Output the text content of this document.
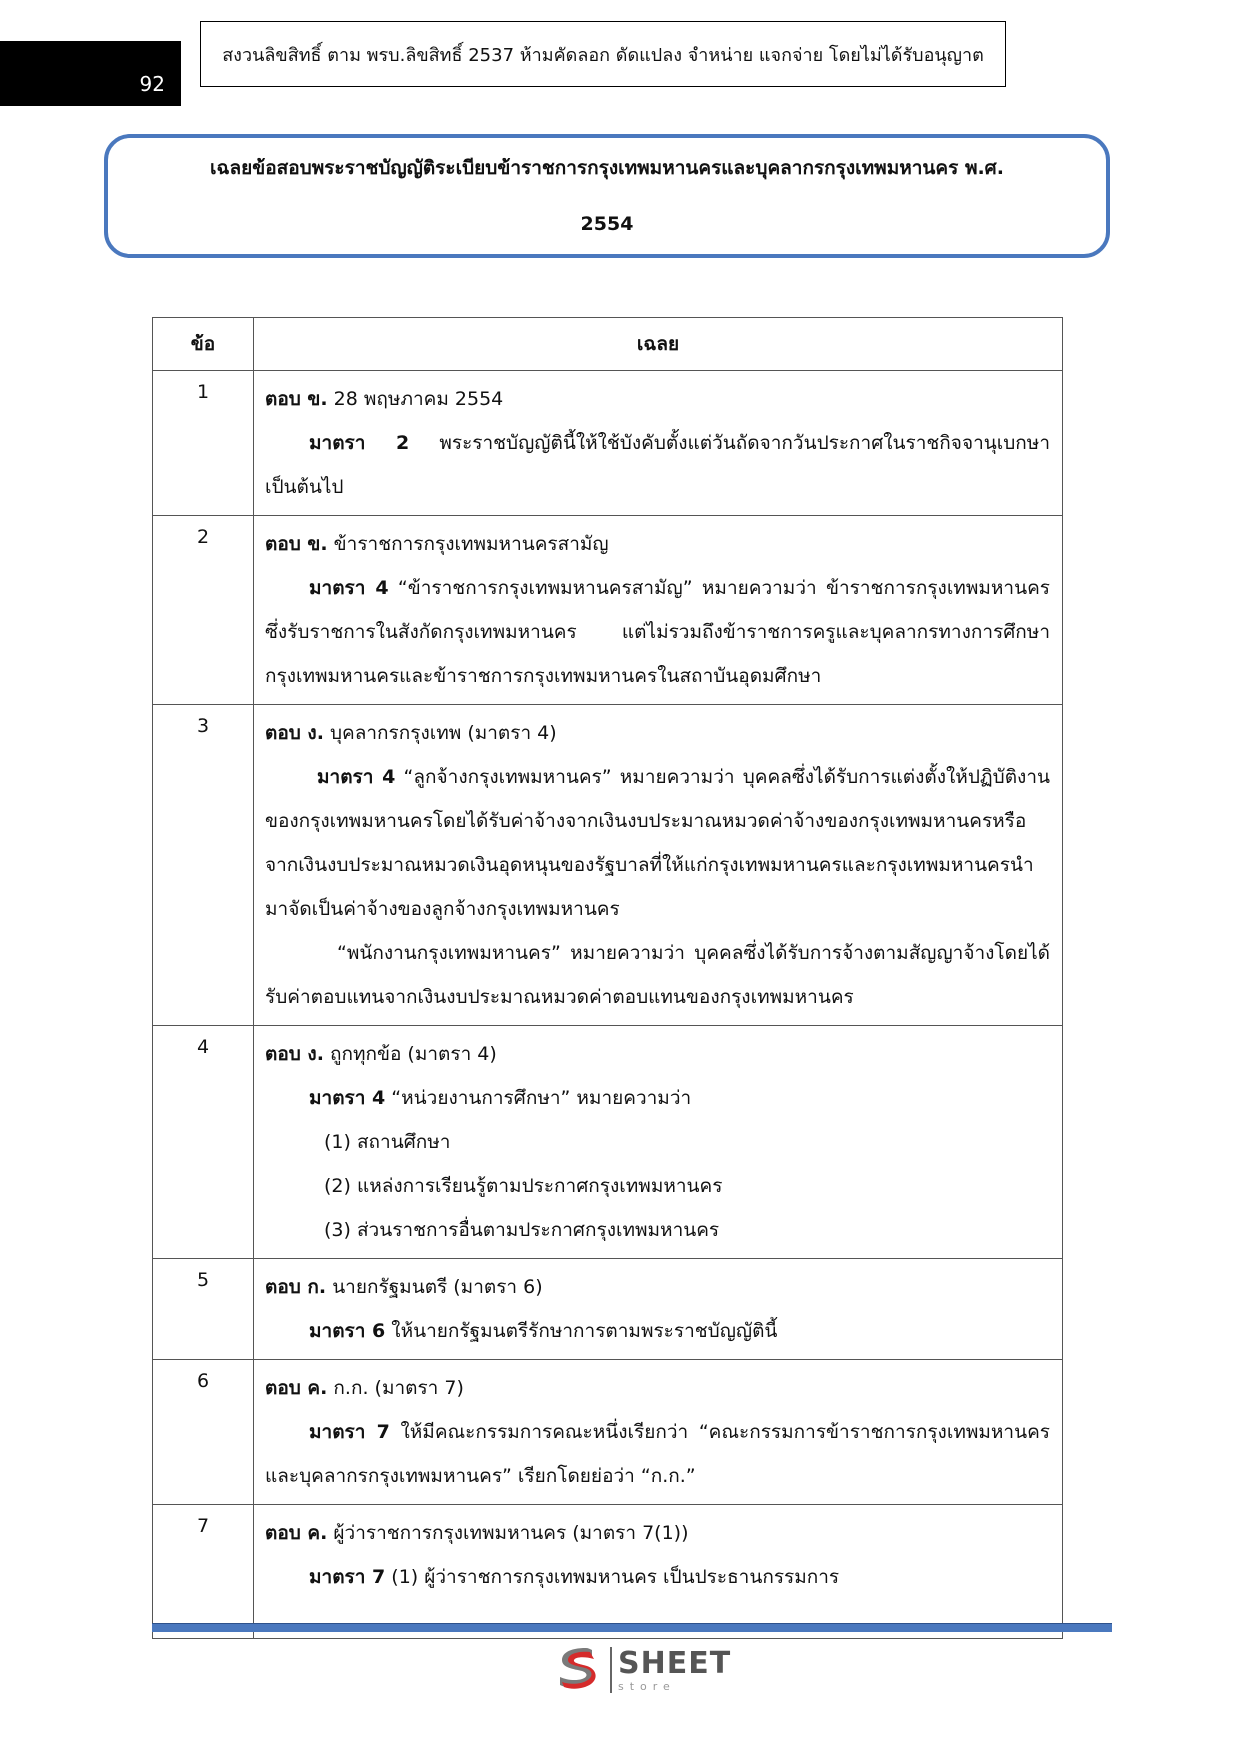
92
สงวนลิขสิทธิ์ ตาม พรบ.ลิขสิทธิ์ 2537 ห้ามคัดลอก ดัดแปลง จำหน่าย แจกจ่าย โดยไม่ได้รับอนุญาต
เฉลยข้อสอบพระราชบัญญัติระเบียบข้าราชการกรุงเทพมหานครและบุคลากรกรุงเทพมหานคร พ.ศ.
2554
ข้อ	เฉลย
1	ตอบ ข. 28 พฤษภาคม 2554

มาตรา 2 พระราชบัญญัตินี้ให้ใช้บังคับตั้งแต่วันถัดจากวันประกาศในราชกิจจานุเบกษาเป็นต้นไป

2	ตอบ ข. ข้าราชการกรุงเทพมหานครสามัญ

มาตรา 4 “ข้าราชการกรุงเทพมหานครสามัญ” หมายความว่า ข้าราชการกรุงเทพมหานครซึ่งรับราชการในสังกัดกรุงเทพมหานคร แต่ไม่รวมถึงข้าราชการครูและบุคลากรทางการศึกษากรุงเทพมหานครและข้าราชการกรุงเทพมหานครในสถาบันอุดมศึกษา

3	ตอบ ง. บุคลากรกรุงเทพ (มาตรา 4)

มาตรา 4 “ลูกจ้างกรุงเทพมหานคร” หมายความว่า บุคคลซึ่งได้รับการแต่งตั้งให้ปฏิบัติงานของกรุงเทพมหานครโดยได้รับค่าจ้างจากเงินงบประมาณหมวดค่าจ้างของกรุงเทพมหานครหรือจากเงินงบประมาณหมวดเงินอุดหนุนของรัฐบาลที่ให้แก่กรุงเทพมหานครและกรุงเทพมหานครนำมาจัดเป็นค่าจ้างของลูกจ้างกรุงเทพมหานคร

“พนักงานกรุงเทพมหานคร” หมายความว่า บุคคลซึ่งได้รับการจ้างตามสัญญาจ้างโดยได้รับค่าตอบแทนจากเงินงบประมาณหมวดค่าตอบแทนของกรุงเทพมหานคร

4	ตอบ ง. ถูกทุกข้อ (มาตรา 4)

มาตรา 4 “หน่วยงานการศึกษา” หมายความว่า

(1) สถานศึกษา

(2) แหล่งการเรียนรู้ตามประกาศกรุงเทพมหานคร

(3) ส่วนราชการอื่นตามประกาศกรุงเทพมหานคร

5	ตอบ ก. นายกรัฐมนตรี (มาตรา 6)

มาตรา 6 ให้นายกรัฐมนตรีรักษาการตามพระราชบัญญัตินี้

6	ตอบ ค. ก.ก. (มาตรา 7)

มาตรา 7 ให้มีคณะกรรมการคณะหนึ่งเรียกว่า “คณะกรรมการข้าราชการกรุงเทพมหานครและบุคลากรกรุงเทพมหานคร” เรียกโดยย่อว่า “ก.ก.”

7	ตอบ ค. ผู้ว่าราชการกรุงเทพมหานคร (มาตรา 7(1))

มาตรา 7 (1) ผู้ว่าราชการกรุงเทพมหานคร เป็นประธานกรรมการ

SHEET
store
